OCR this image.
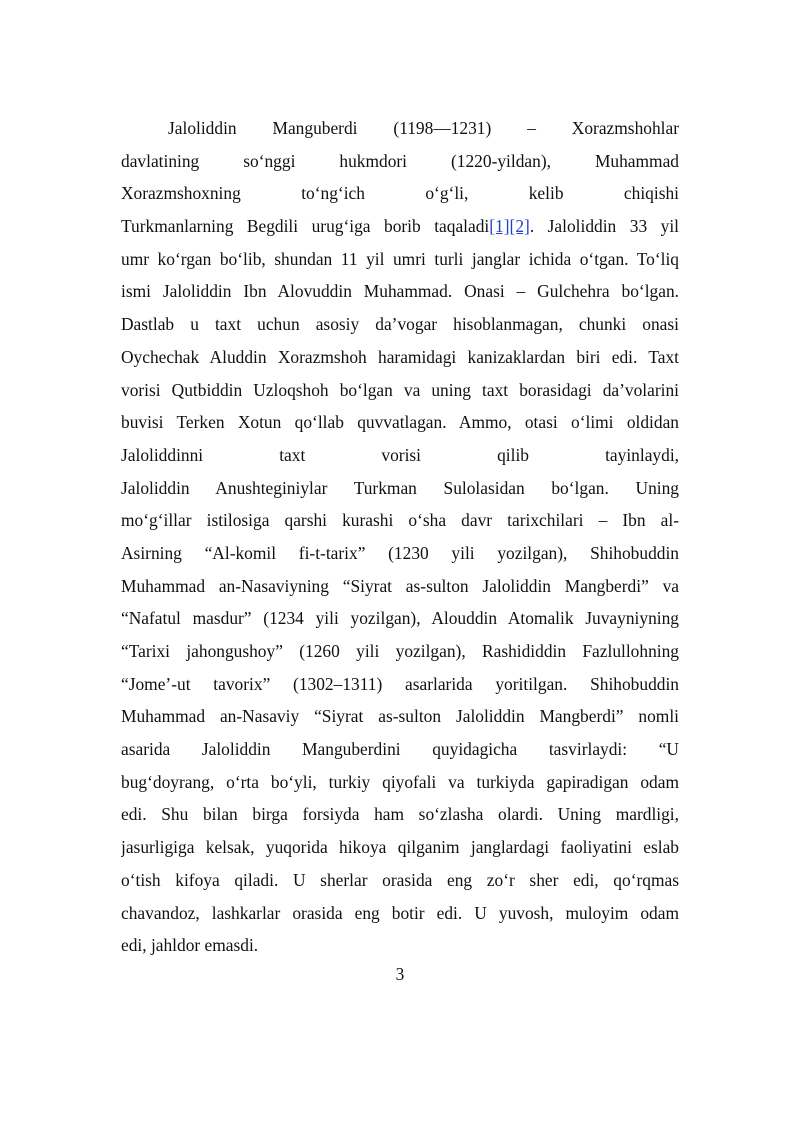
Jaloliddin Manguberdi (1198—1231) – Xorazmshohlar
davlatining so‘nggi hukmdori (1220-yildan), Muhammad
Xorazmshoxning to‘ng‘ich o‘g‘li, kelib chiqishi
Turkmanlarning Begdili urug‘iga borib taqaladi[1][2]. Jaloliddin 33 yil
umr ko‘rgan bo‘lib, shundan 11 yil umri turli janglar ichida o‘tgan. To‘liq
ismi Jaloliddin Ibn Alovuddin Muhammad. Onasi – Gulchehra bo‘lgan.
Dastlab u taxt uchun asosiy da’vogar hisoblanmagan, chunki onasi
Oychechak Aluddin Xorazmshoh haramidagi kanizaklardan biri edi. Taxt
vorisi Qutbiddin Uzloqshoh bo‘lgan va uning taxt borasidagi da’volarini
buvisi Terken Xotun qo‘llab quvvatlagan. Ammo, otasi o‘limi oldidan
Jaloliddinni taxt vorisi qilib tayinlaydi,
Jaloliddin Anushteginiylar Turkman Sulolasidan bo‘lgan. Uning
mo‘g‘illar istilosiga qarshi kurashi o‘sha davr tarixchilari – Ibn al-
Asirning “Al-komil fi-t-tarix” (1230 yili yozilgan), Shihobuddin
Muhammad an-Nasaviyning “Siyrat as-sulton Jaloliddin Mangberdi” va
“Nafatul masdur” (1234 yili yozilgan), Alouddin Atomalik Juvayniyning
“Tarixi jahongushoy” (1260 yili yozilgan), Rashididdin Fazlullohning
“Jome’-ut tavorix” (1302–1311) asarlarida yoritilgan. Shihobuddin
Muhammad an-Nasaviy “Siyrat as-sulton Jaloliddin Mangberdi” nomli
asarida Jaloliddin Manguberdini quyidagicha tasvirlaydi: “U
bug‘doyrang, o‘rta bo‘yli, turkiy qiyofali va turkiyda gapiradigan odam
edi. Shu bilan birga forsiyda ham so‘zlasha olardi. Uning mardligi,
jasurligiga kelsak, yuqorida hikoya qilganim janglardagi faoliyatini eslab
o‘tish kifoya qiladi. U sherlar orasida eng zo‘r sher edi, qo‘rqmas
chavandoz, lashkarlar orasida eng botir edi. U yuvosh, muloyim odam
edi, jahldor emasdi.
3
